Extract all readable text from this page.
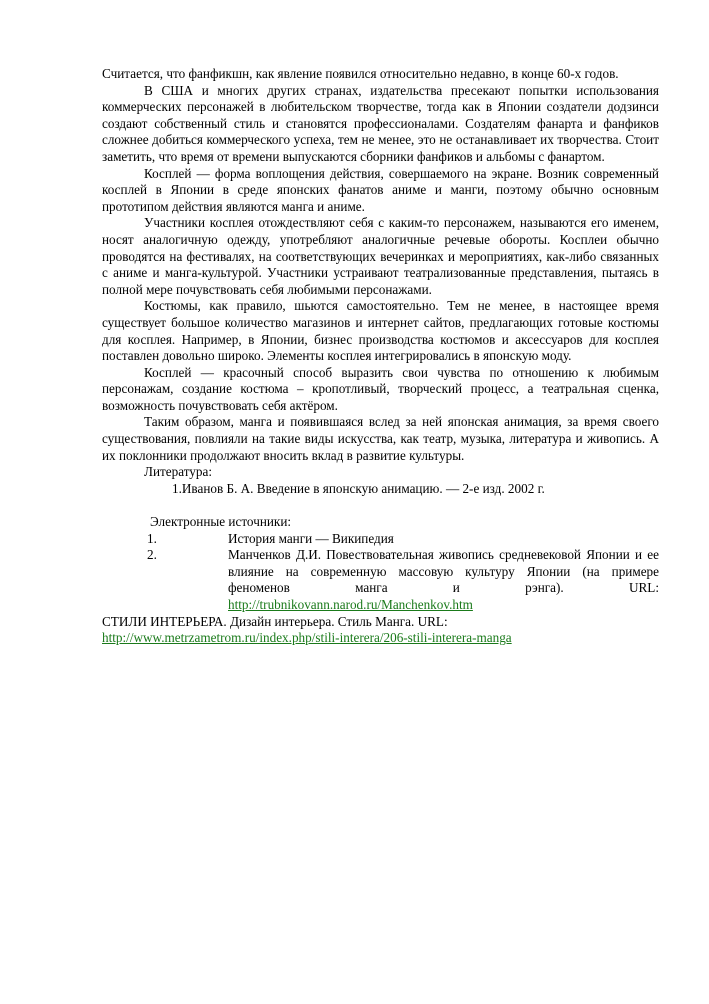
Считается, что фанфикшн, как явление появился относительно недавно, в конце 60-х годов.

В США и многих других странах, издательства пресекают попытки использования коммерческих персонажей в любительском творчестве, тогда как в Японии создатели додзинси создают собственный стиль и становятся профессионалами. Создателям фанарта и фанфиков сложнее добиться коммерческого успеха, тем не менее, это не останавливает их творчества. Стоит заметить, что время от времени выпускаются сборники фанфиков и альбомы с фанартом.

Косплей — форма воплощения действия, совершаемого на экране. Возник современный косплей в Японии в среде японских фанатов аниме и манги, поэтому обычно основным прототипом действия являются манга и аниме.

Участники косплея отождествляют себя с каким-то персонажем, называются его именем, носят аналогичную одежду, употребляют аналогичные речевые обороты. Косплеи обычно проводятся на фестивалях, на соответствующих вечеринках и мероприятиях, как-либо связанных с аниме и манга-культурой. Участники устраивают театрализованные представления, пытаясь в полной мере почувствовать себя любимыми персонажами.

Костюмы, как правило, шьются самостоятельно. Тем не менее, в настоящее время существует большое количество магазинов и интернет сайтов, предлагающих готовые костюмы для косплея. Например, в Японии, бизнес производства костюмов и аксессуаров для косплея поставлен довольно широко. Элементы косплея интегрировались в японскую моду.

Косплей — красочный способ выразить свои чувства по отношению к любимым персонажам, создание костюма – кропотливый, творческий процесс, а театральная сценка, возможность почувствовать себя актёром.

Таким образом, манга и появившаяся вслед за ней японская анимация, за время своего существования, повлияли на такие виды искусства, как театр, музыка, литература и живопись. А их поклонники продолжают вносить вклад в развитие культуры.

Литература:

1.Иванов Б. А. Введение в японскую анимацию. — 2-е изд. 2002 г.

Электронные источники:

1.	История манги — Википедия

2.	Манченков Д.И. Повествовательная живопись средневековой Японии и ее влияние на современную массовую культуру Японии (на примере феноменов манга и рэнга). URL: http://trubnikovann.narod.ru/Manchenkov.htm

СТИЛИ ИНТЕРЬЕРА. Дизайн интерьера. Стиль Манга. URL: http://www.metrzametrom.ru/index.php/stili-interera/206-stili-interera-manga
